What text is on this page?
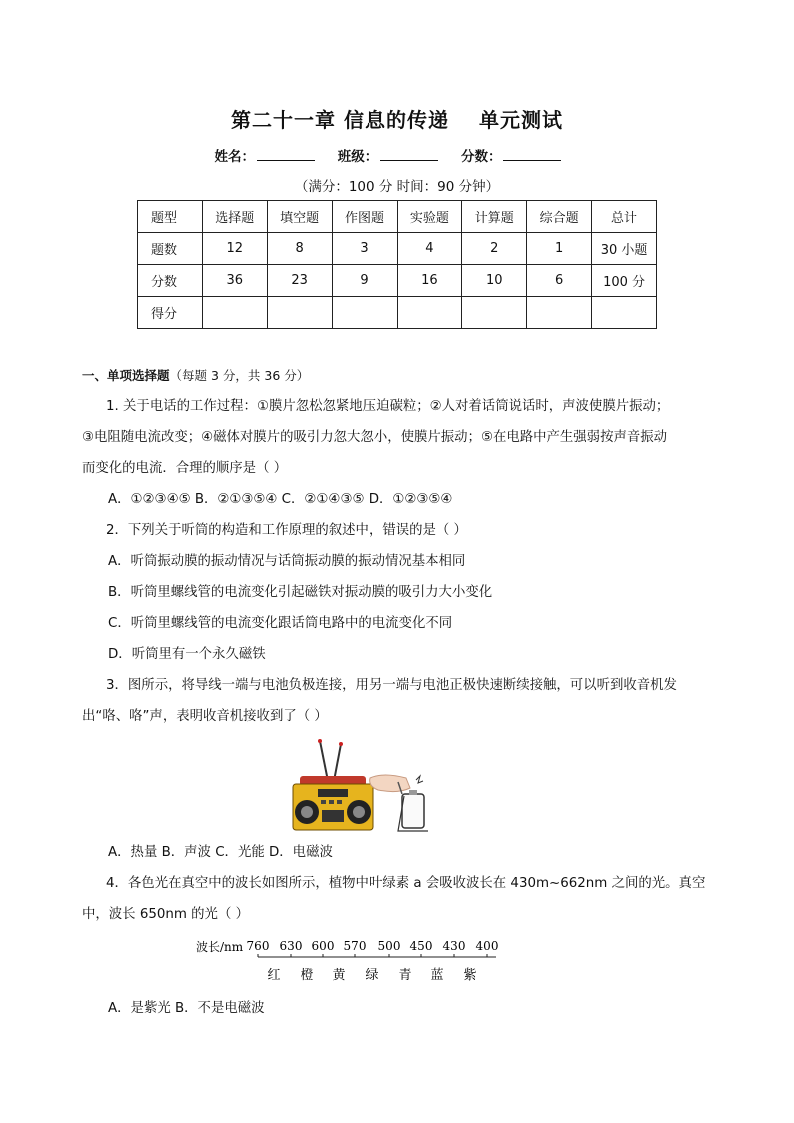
第二十一章 信息的传递 单元测试
姓名：	班级：	分数：
（满分：100 分 时间：90 分钟）
题型	选择题	填空题	作图题	实验题	计算题	综合题	总计
题数	12	8	3	4	2	1	30 小题
分数	36	23	9	16	10	6	100 分
得分							
一、单项选择题（每题 3 分，共 36 分）
1. 关于电话的工作过程：①膜片忽松忽紧地压迫碳粒；②人对着话筒说话时，声波使膜片振动；
③电阻随电流改变；④磁体对膜片的吸引力忽大忽小，使膜片振动；⑤在电路中产生强弱按声音振动
而变化的电流．合理的顺序是（ ）
A．①②③④⑤ B．②①③⑤④ C．②①④③⑤ D．①②③⑤④
2．下列关于听筒的构造和工作原理的叙述中，错误的是（ ）
A．听筒振动膜的振动情况与话筒振动膜的振动情况基本相同
B．听筒里螺线管的电流变化引起磁铁对振动膜的吸引力大小变化
C．听筒里螺线管的电流变化跟话筒电路中的电流变化不同
D．听筒里有一个永久磁铁
3．图所示，将导线一端与电池负极连接，用另一端与电池正极快速断续接触，可以听到收音机发
出“咯、咯”声，表明收音机接收到了（ ）
A．热量 B．声波 C．光能 D．电磁波
4．各色光在真空中的波长如图所示，植物中叶绿素 a 会吸收波长在 430m~662nm 之间的光。真空
中，波长 650nm 的光（ ）
波长/nm 760 630 600 570 500 450 430 400
红 橙 黄 绿 青 蓝 紫
A．是紫光 B．不是电磁波
